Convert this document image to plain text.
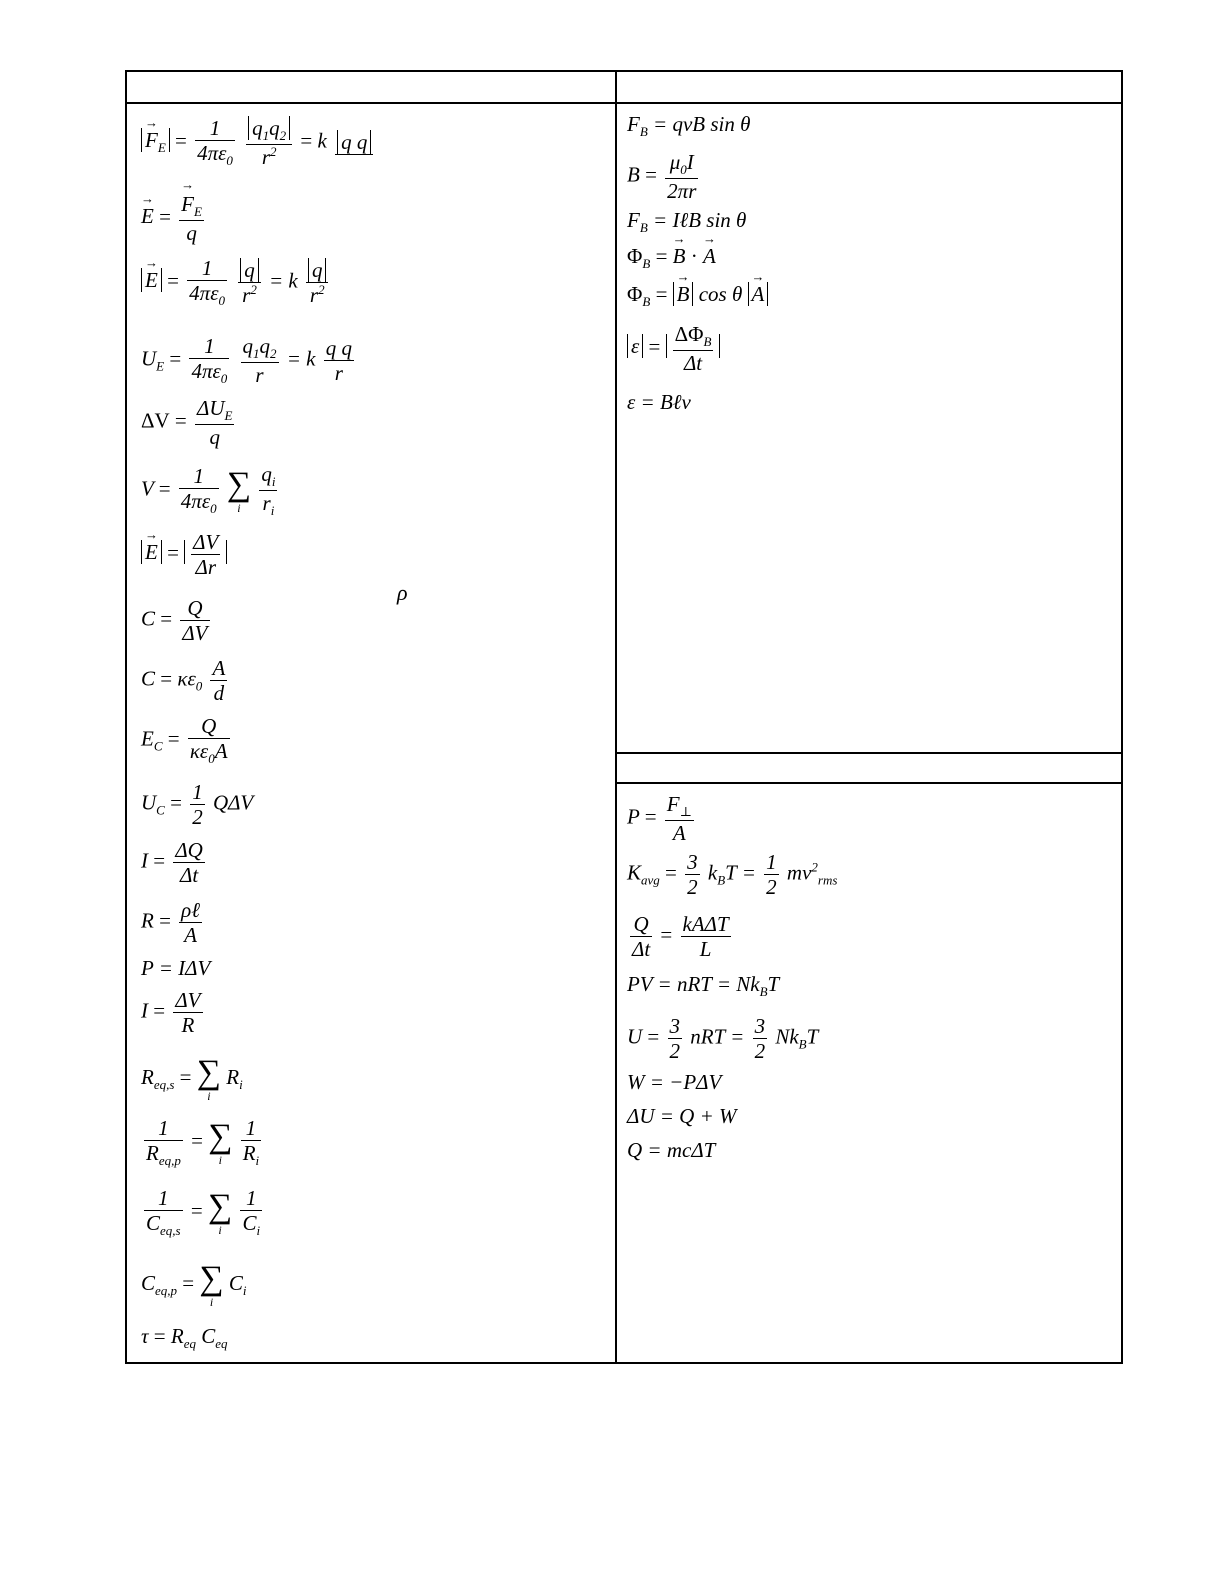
ρ
→ $F_E = \frac{1}{4\pi\varepsilon_0}$
$\frac{q_1q_2}{r^2} = k$ q q
→ E = → $\frac{F_E}{q}$
→ $E = \frac{1}{4\pi\varepsilon_0}$
$\frac{q}{r^2} = k \frac{q}{r^2}$
$U_E = \frac{1}{4\pi\varepsilon_0}$
$\frac{q_1q_2}{r} = k \frac{\text{q q}}{r}$
ΔV =
$\Delta U_E$
q
$V = \frac{1}{4\pi\varepsilon_0}$ ∑
i
$\frac{q_i}{r_i}$
→ $E = \frac{\Delta V}{\Delta r}$
$C = \frac{Q}{\Delta V}$
$C = \kappa\varepsilon_0 \frac{A}{d}$
$E_C = \frac{Q}{\kappa\varepsilon_0A}$
$U_C = \frac{1}{2}$ QΔV
$I = \frac{\Delta Q}{\Delta t}$
R = ρℓ
A
P = IΔV
$I = \frac{\Delta V}{R}$
$R_{eq,s}$ = ∑
i
$R_i$
1
$R_{eq,p}$
= ∑
i
$\frac{1}{R_i}$
1
$C_{eq,s}$
= ∑
i
$\frac{1}{C_i}$
$C_{eq,p}$ = ∑
i
$C_i$
$\tau = R_{eq}$ $C_{eq}$
$F_B$ = qvB sin θ
$B = \frac{\mu_0I}{2\pi r}$
$F_B$ = IℓB sin θ
$\Phi_B$ = → B · → A
$\Phi_B$ = → B cos θ → A
ε =
$\Delta\Phi_B$
Δt
ε = Bℓv
$P = \frac{F_\perp}{A}$
$K_{avg} = \frac{3}{2} k_BT = \frac{1}{2} mv^2_{rms}$
$\frac{Q}{\Delta t} = kA\Delta T$
L
PV = nRT = $Nk_BT$
$U = \frac{3}{2}$ nRT = $\frac{3}{2} Nk_BT$
W = −PΔV
ΔU = Q + W
Q = mcΔT
